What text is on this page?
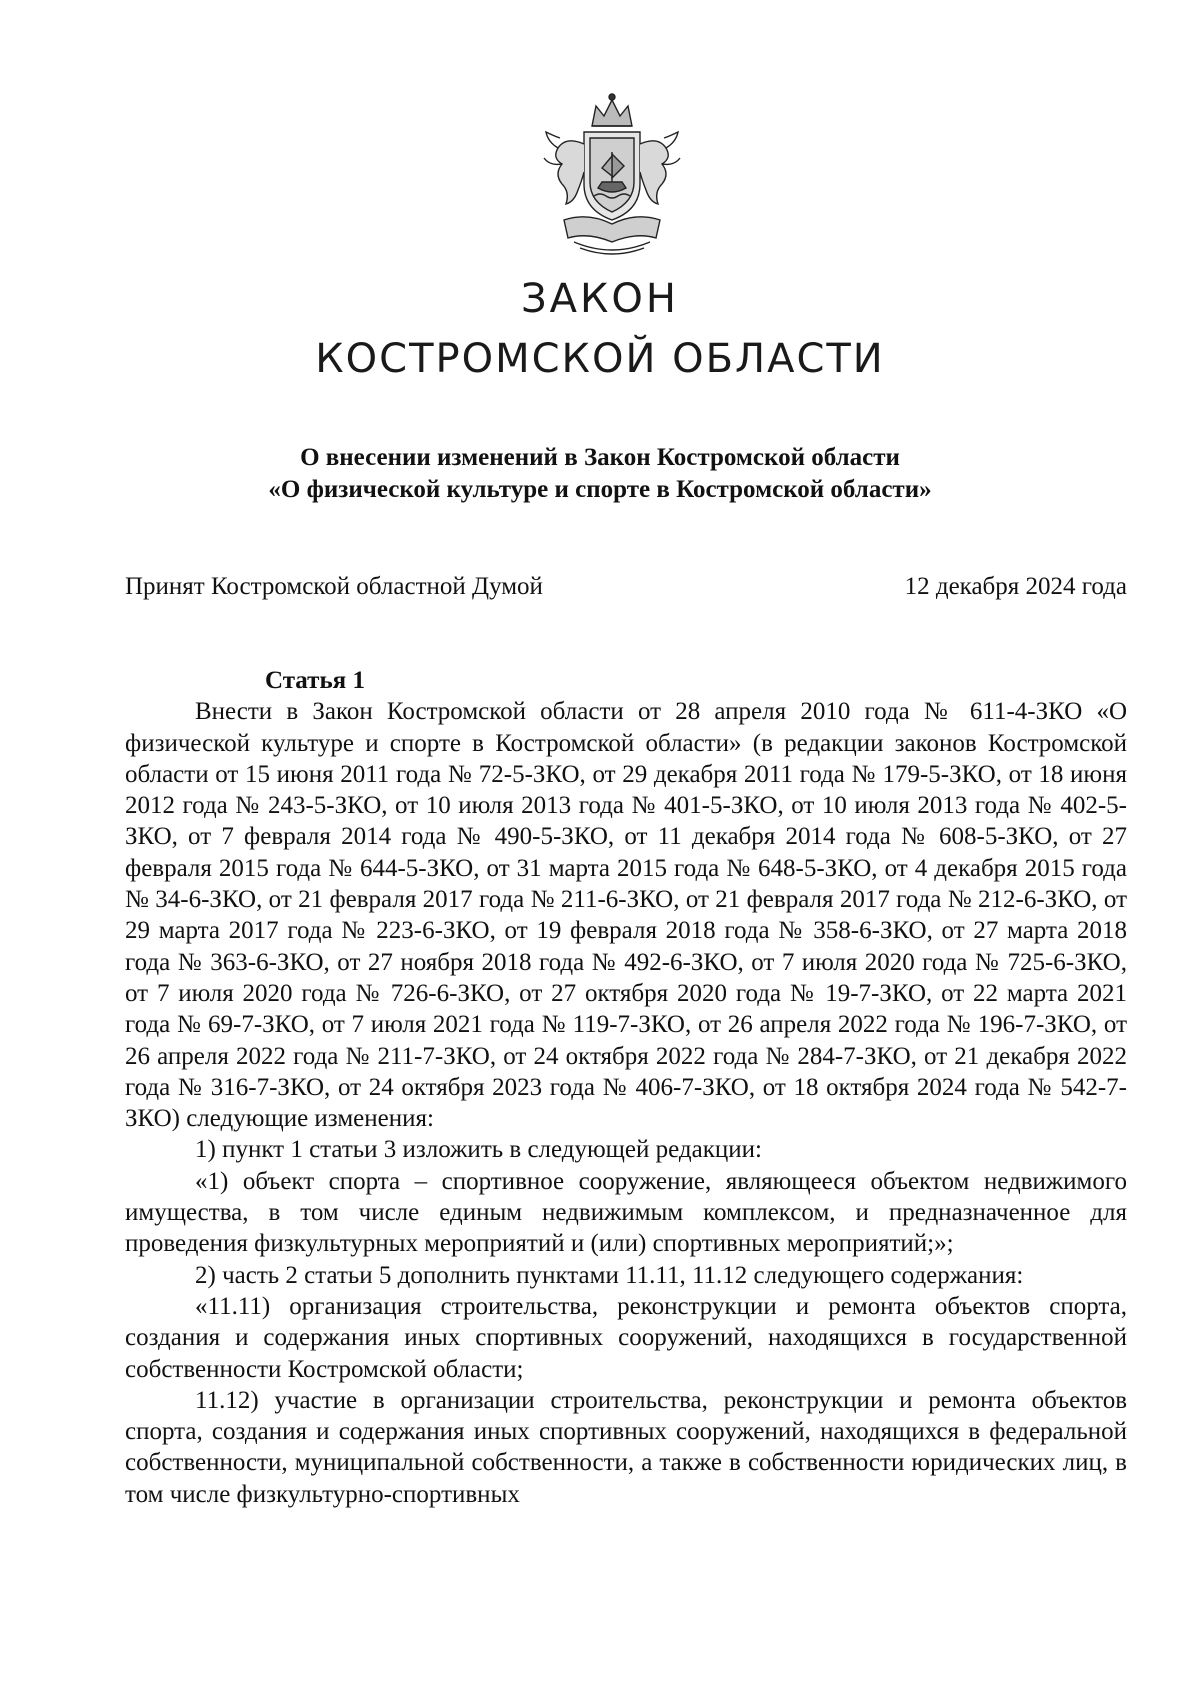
ЗАКОН
КОСТРОМСКОЙ ОБЛАСТИ
О внесении изменений в Закон Костромской области
«О физической культуре и спорте в Костромской области»
Принят Костромской областной Думой	12 декабря 2024 года

Статья 1

Внести в Закон Костромской области от 28 апреля 2010 года № 611-4-ЗКО «О физической культуре и спорте в Костромской области» (в редакции законов Костромской области от 15 июня 2011 года № 72-5-ЗКО, от 29 декабря 2011 года № 179-5-ЗКО, от 18 июня 2012 года № 243-5-ЗКО, от 10 июля 2013 года № 401-5-ЗКО, от 10 июля 2013 года № 402-5-ЗКО, от 7 февраля 2014 года № 490-5-ЗКО, от 11 декабря 2014 года № 608-5-ЗКО, от 27 февраля 2015 года № 644-5-ЗКО, от 31 марта 2015 года № 648-5-ЗКО, от 4 декабря 2015 года № 34-6-ЗКО, от 21 февраля 2017 года № 211-6-ЗКО, от 21 февраля 2017 года № 212-6-ЗКО, от 29 марта 2017 года № 223-6-ЗКО, от 19 февраля 2018 года № 358-6-ЗКО, от 27 марта 2018 года № 363-6-ЗКО, от 27 ноября 2018 года № 492-6-ЗКО, от 7 июля 2020 года № 725-6-ЗКО, от 7 июля 2020 года № 726-6-ЗКО, от 27 октября 2020 года № 19-7-ЗКО, от 22 марта 2021 года № 69-7-ЗКО, от 7 июля 2021 года № 119-7-ЗКО, от 26 апреля 2022 года № 196-7-ЗКО, от 26 апреля 2022 года № 211-7-ЗКО, от 24 октября 2022 года № 284-7-ЗКО, от 21 декабря 2022 года № 316-7-ЗКО, от 24 октября 2023 года № 406-7-ЗКО, от 18 октября 2024 года № 542-7-ЗКО) следующие изменения:

1) пункт 1 статьи 3 изложить в следующей редакции:

«1) объект спорта – спортивное сооружение, являющееся объектом недвижимого имущества, в том числе единым недвижимым комплексом, и предназначенное для проведения физкультурных мероприятий и (или) спортивных мероприятий;»;

2) часть 2 статьи 5 дополнить пунктами 11.11, 11.12 следующего содержания:

«11.11) организация строительства, реконструкции и ремонта объектов спорта, создания и содержания иных спортивных сооружений, находящихся в государственной собственности Костромской области;

11.12) участие в организации строительства, реконструкции и ремонта объектов спорта, создания и содержания иных спортивных сооружений, находящихся в федеральной собственности, муниципальной собственности, а также в собственности юридических лиц, в том числе физкультурно-спортивных
